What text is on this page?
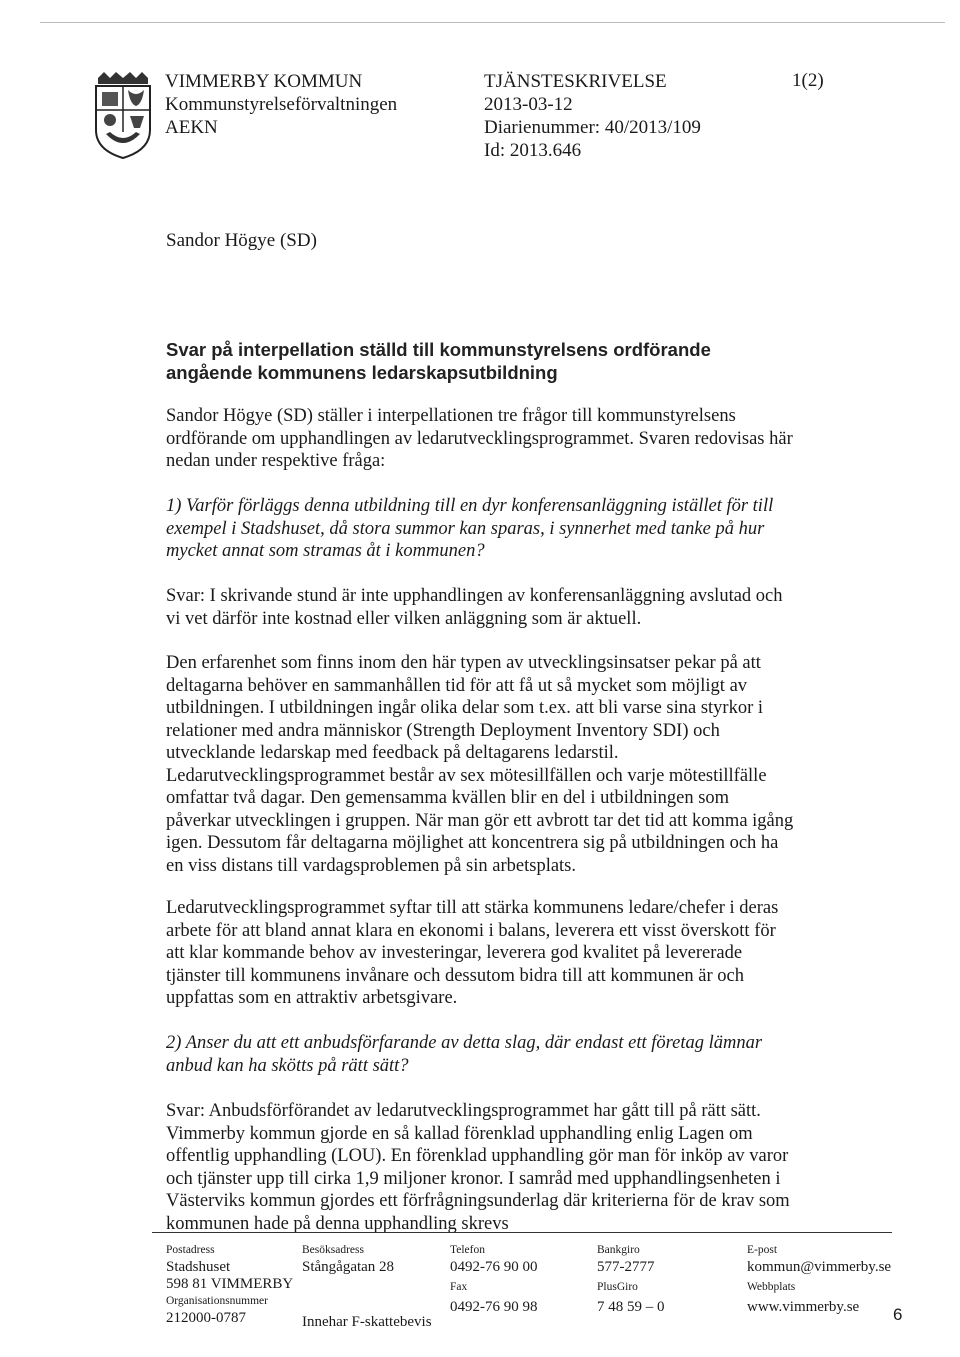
VIMMERBY KOMMUN
Kommunstyrelseförvaltningen
AEKN
TJÄNSTESKRIVELSE
2013-03-12
Diarienummer: 40/2013/109
Id: 2013.646
1(2)
Sandor Högye (SD)
Svar på interpellation ställd till kommunstyrelsens ordförande angående kommunens ledarskapsutbildning

Sandor Högye (SD) ställer i interpellationen tre frågor till kommunstyrelsens ordförande om upphandlingen av ledarutvecklingsprogrammet. Svaren redovisas här nedan under respektive fråga:

1) Varför förläggs denna utbildning till en dyr konferensanläggning istället för till exempel i Stadshuset, då stora summor kan sparas, i synnerhet med tanke på hur mycket annat som stramas åt i kommunen?

Svar: I skrivande stund är inte upphandlingen av konferensanläggning avslutad och vi vet därför inte kostnad eller vilken anläggning som är aktuell.

Den erfarenhet som finns inom den här typen av utvecklingsinsatser pekar på att deltagarna behöver en sammanhållen tid för att få ut så mycket som möjligt av utbildningen. I utbildningen ingår olika delar som t.ex. att bli varse sina styrkor i relationer med andra människor (Strength Deployment Inventory SDI) och utvecklande ledarskap med feedback på deltagarens ledarstil. Ledarutvecklingsprogrammet består av sex mötesillfällen och varje mötestillfälle omfattar två dagar. Den gemensamma kvällen blir en del i utbildningen som påverkar utvecklingen i gruppen. När man gör ett avbrott tar det tid att komma igång igen. Dessutom får deltagarna möjlighet att koncentrera sig på utbildningen och ha en viss distans till vardagsproblemen på sin arbetsplats.

Ledarutvecklingsprogrammet syftar till att stärka kommunens ledare/chefer i deras arbete för att bland annat klara en ekonomi i balans, leverera ett visst överskott för att klar kommande behov av investeringar, leverera god kvalitet på levererade tjänster till kommunens invånare och dessutom bidra till att kommunen är och uppfattas som en attraktiv arbetsgivare.

2) Anser du att ett anbudsförfarande av detta slag, där endast ett företag lämnar anbud kan ha skötts på rätt sätt?

Svar: Anbudsförförandet av ledarutvecklingsprogrammet har gått till på rätt sätt. Vimmerby kommun gjorde en så kallad förenklad upphandling enlig Lagen om offentlig upphandling (LOU). En förenklad upphandling gör man för inköp av varor och tjänster upp till cirka 1,9 miljoner kronor. I samråd med upphandlingsenheten i Västerviks kommun gjordes ett förfrågningsunderlag där kriterierna för de krav som kommunen hade på denna upphandling skrevs

Postadress
Stadshuset
598 81 VIMMERBY
Organisationsnummer
212000-0787
Besöksadress
Stångågatan 28
Innehar F-skattebevis
Telefon
0492-76 90 00
Fax
0492-76 90 98
Bankgiro
577-2777
PlusGiro
7 48 59 – 0
E-post
kommun@vimmerby.se
Webbplats
www.vimmerby.se	6
